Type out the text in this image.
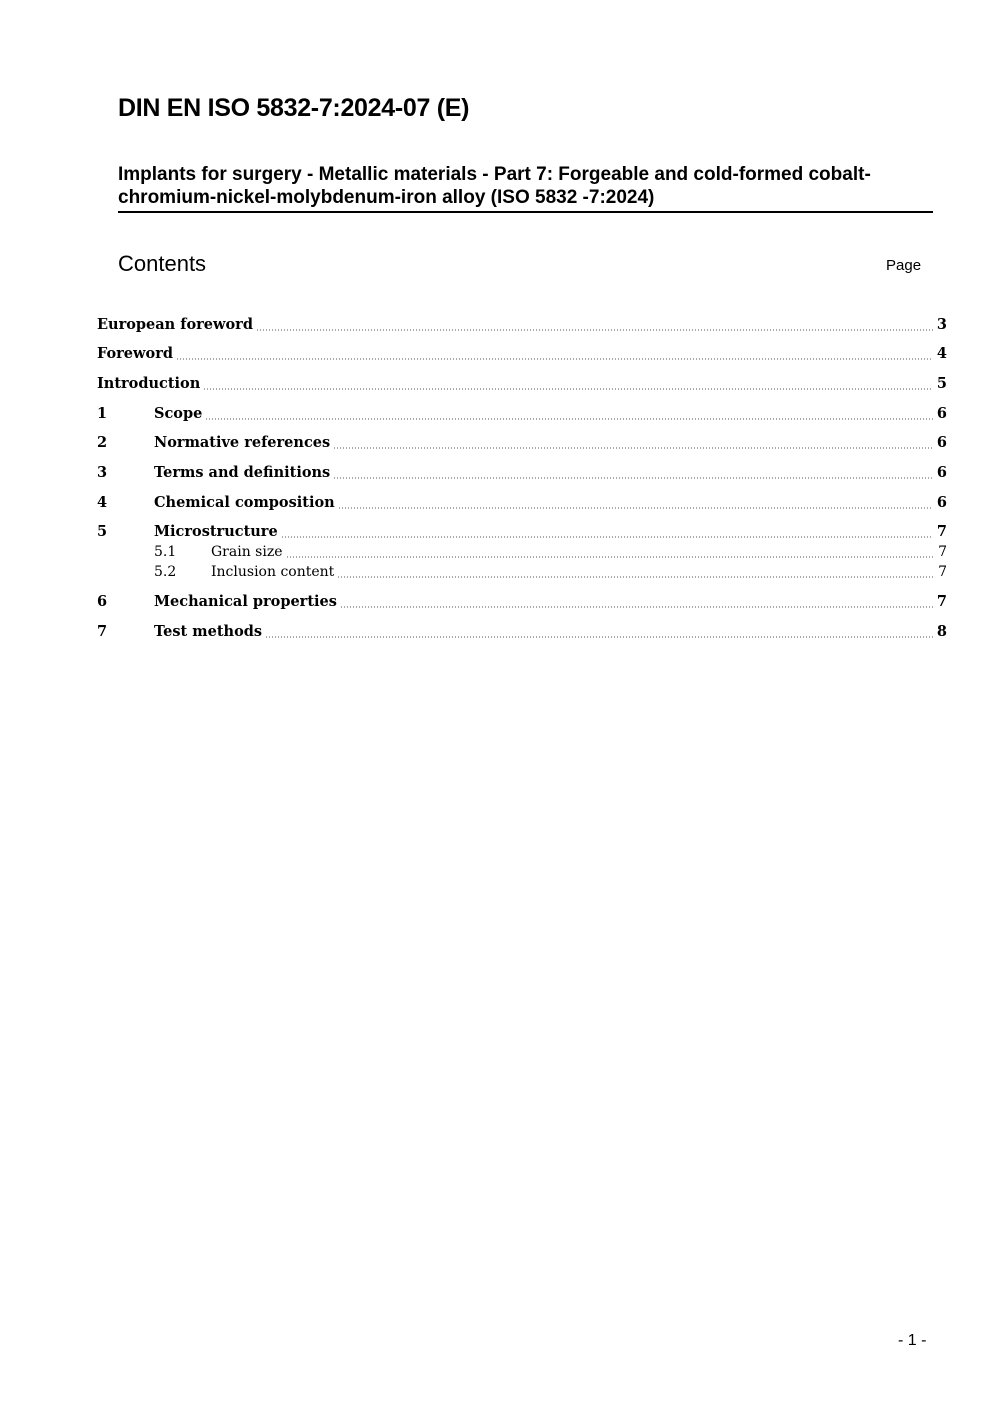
DIN EN ISO 5832-7:2024-07 (E)
Implants for surgery - Metallic materials - Part 7: Forgeable and cold-formed cobalt-
chromium-nickel-molybdenum-iron alloy (ISO 5832 -7:2024)
Contents	Page
European foreword	3
Foreword	4
Introduction	5
1	Scope	6
2	Normative references	6
3	Terms and definitions	6
4	Chemical composition	6
5	Microstructure	7
5.1	Grain size	7
5.2	Inclusion content	7
6	Mechanical properties	7
7	Test methods	8
- 1 -
